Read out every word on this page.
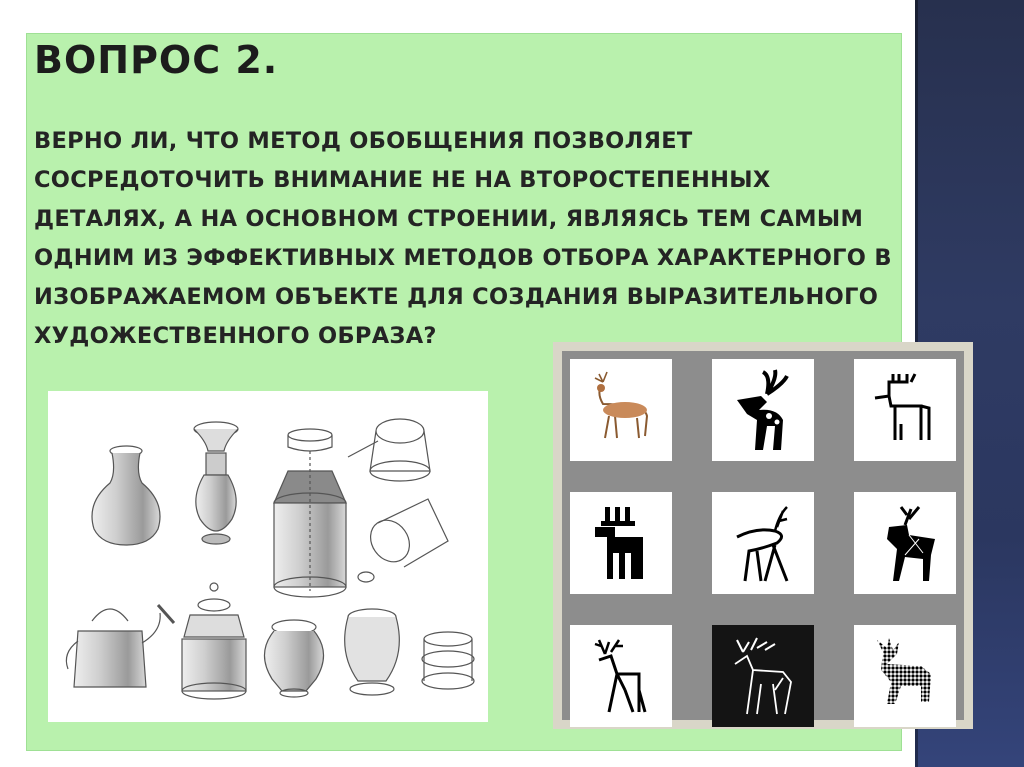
ВОПРОС 2.

ВЕРНО ЛИ, ЧТО МЕТОД ОБОБЩЕНИЯ ПОЗВОЛЯЕТ СОСРЕДОТОЧИТЬ ВНИМАНИЕ НЕ НА ВТОРОСТЕПЕННЫХ ДЕТАЛЯХ, А НА ОСНОВНОМ СТРОЕНИИ, ЯВЛЯЯСЬ ТЕМ САМЫМ ОДНИМ ИЗ ЭФФЕКТИВНЫХ МЕТОДОВ ОТБОРА ХАРАКТЕРНОГО В ИЗОБРАЖАЕМОМ ОБЪЕКТЕ ДЛЯ СОЗДАНИЯ ВЫРАЗИТЕЛЬНОГО ХУДОЖЕСТВЕННОГО ОБРАЗА?
